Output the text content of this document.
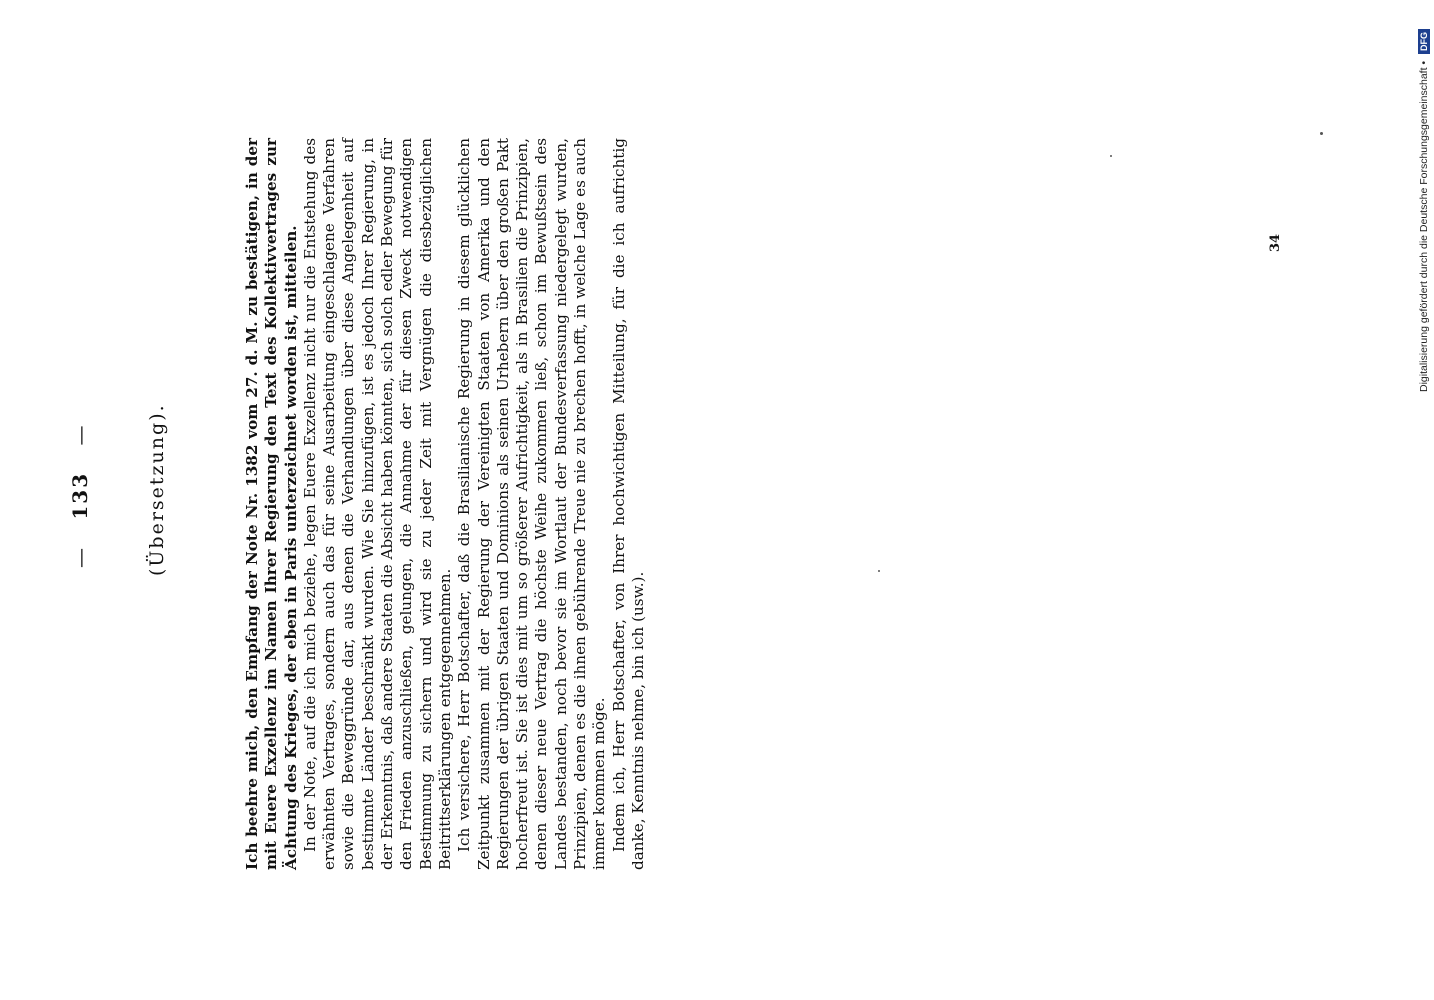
— 133 —	(Übersetzung).	Ich beehre mich, den Empfang der Note Nr. 1382 vom 27. d. M. zu bestätigen, in der mit Euere Exzellenz im Namen Ihrer Regierung den Text des Kollektivvertrages zur Ächtung des Krieges, der eben in Paris unterzeichnet worden ist, mitteilen. In der Note, auf die ich mich beziehe, legen Euere Exzellenz nicht nur die Entstehung des erwähnten Vertrages, sondern auch das für seine Ausarbeitung eingeschlagene Verfahren sowie die Beweggründe dar, aus denen die Verhandlungen über diese Angelegenheit auf bestimmte Länder beschränkt wurden. Wie Sie hinzufügen, ist es jedoch Ihrer Regierung, in der Erkenntnis, daß andere Staaten die Absicht haben könnten, sich solch edler Bewegung für den Frieden anzuschließen, gelungen, die Annahme der für diesen Zweck notwendigen Bestimmung zu sichern und wird sie zu jeder Zeit mit Vergnügen die diesbezüglichen Beitrittserklärungen entgegennehmen. Ich versichere, Herr Botschafter, daß die Brasilianische Regierung in diesem glücklichen Zeitpunkt zusammen mit der Regierung der Vereinigten Staaten von Amerika und den Regierungen der übrigen Staaten und Dominions als seinen Urhebern über den großen Pakt hocherfreut ist. Sie ist dies mit um so größerer Aufrichtigkeit, als in Brasilien die Prinzipien, denen dieser neue Vertrag die höchste Weihe zukommen ließ, schon im Bewußtsein des Landes bestanden, noch bevor sie im Wortlaut der Bundesverfassung niedergelegt wurden, Prinzipien, denen es die ihnen gebührende Treue nie zu brechen hofft, in welche Lage es auch immer kommen möge. Indem ich, Herr Botschafter, von Ihrer hochwichtigen Mitteilung, für die ich aufrichtig danke, Kenntnis nehme, bin ich (usw.).

34	Digitalisierung gefördert durch die Deutsche Forschungsgemeinschaft • DFG
